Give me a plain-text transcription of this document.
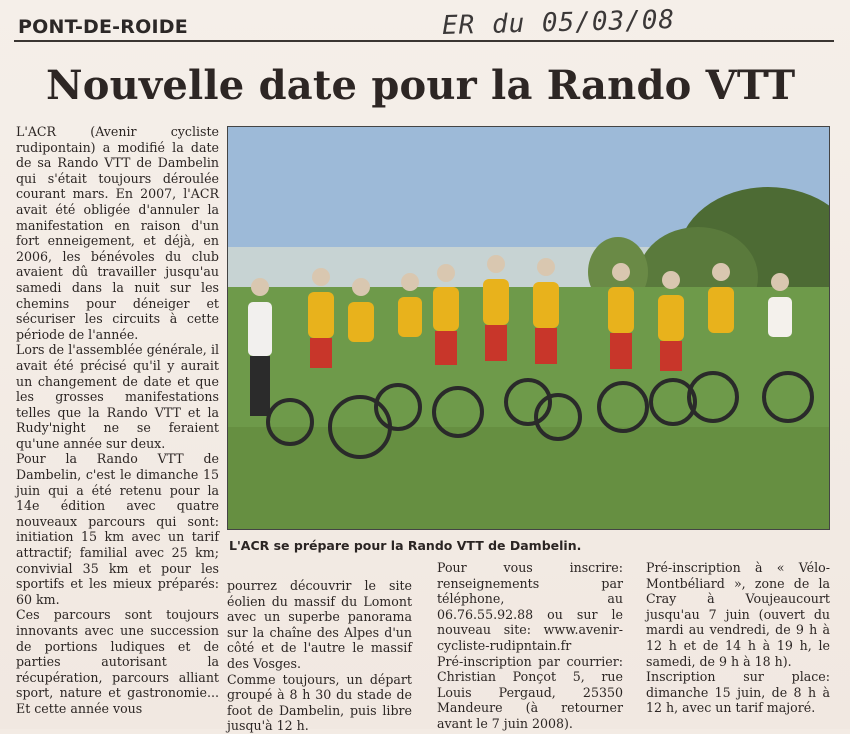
PONT-DE-ROIDE	ER du 05/03/08
Nouvelle date pour la Rando VTT

L'ACR (Avenir cycliste rudipontain) a modifié la date de sa Rando VTT de Dambelin qui s'était toujours déroulée courant mars. En 2007, l'ACR avait été obligée d'annuler la manifestation en raison d'un fort enneigement, et déjà, en 2006, les bénévoles du club avaient dû travailler jusqu'au samedi dans la nuit sur les chemins pour déneiger et sécuriser les circuits à cette période de l'année.

Lors de l'assemblée générale, il avait été précisé qu'il y aurait un changement de date et que les grosses manifestations telles que la Rando VTT et la Rudy'night ne se feraient qu'une année sur deux.

Pour la Rando VTT de Dambelin, c'est le dimanche 15 juin qui a été retenu pour la 14e édition avec quatre nouveaux parcours qui sont: initiation 15 km avec un tarif attractif; familial avec 25 km; convivial 35 km et pour les sportifs et les mieux préparés: 60 km.

Ces parcours sont toujours innovants avec une succession de portions ludiques et de parties autorisant la récupération, parcours alliant sport, nature et gastronomie... Et cette année vous

L'ACR se prépare pour la Rando VTT de Dambelin.

pourrez découvrir le site éolien du massif du Lomont avec un superbe panorama sur la chaîne des Alpes d'un côté et de l'autre le massif des Vosges.

Comme toujours, un départ groupé à 8 h 30 du stade de foot de Dambelin, puis libre jusqu'à 12 h.

Pour vous inscrire: renseignements par téléphone, au 06.76.55.92.88 ou sur le nouveau site: www.avenir-cycliste-rudipntain.fr

Pré-inscription par courrier: Christian Ponçot 5, rue Louis Pergaud, 25350 Mandeure (à retourner avant le 7 juin 2008).

Pré-inscription à « Vélo-Montbéliard », zone de la Cray à Voujeaucourt jusqu'au 7 juin (ouvert du mardi au vendredi, de 9 h à 12 h et de 14 h à 19 h, le samedi, de 9 h à 18 h).

Inscription sur place: dimanche 15 juin, de 8 h à 12 h, avec un tarif majoré.
